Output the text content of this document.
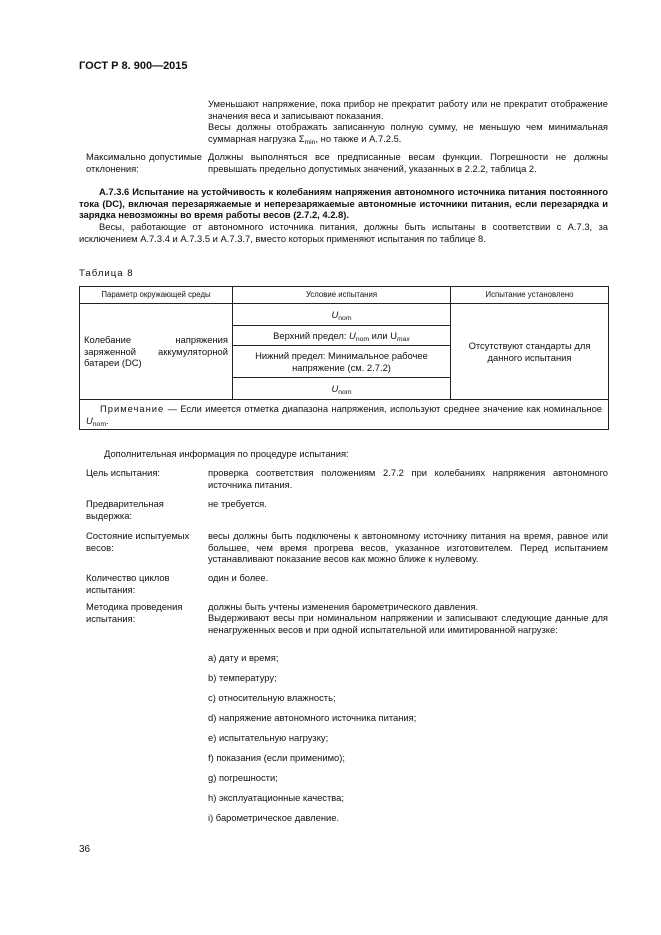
ГОСТ Р 8. 900—2015
Уменьшают напряжение, пока прибор не прекратит работу или не прекратит отображение значения веса и записывают показания.
Весы должны отображать записанную полную сумму, не меньшую чем минимальная суммарная нагрузка $\Sigma_{min}$, но также и А.7.2.5.
Максимально допустимые отклонения:
Должны выполняться все предписанные весам функции. Погрешности не должны превышать предельно допустимых значений, указанных в 2.2.2, таблица 2.
А.7.3.6 Испытание на устойчивость к колебаниям напряжения автономного источника питания постоянного тока (DC), включая перезаряжаемые и неперезаряжаемые автономные источники питания, если перезарядка и зарядка невозможны во время работы весов (2.7.2, 4.2.8).
Весы, работающие от автономного источника питания, должны быть испытаны в соответствии с А.7.3, за исключением А.7.3.4 и А.7.3.5 и А.7.3.7, вместо которых применяют испытания по таблице 8.
Таблица 8
Параметр окружающей среды	Условие испытания	Испытание установлено
Колебание напряжения заряженной аккумуляторной батареи (DC)	$U_{nom}$	Отсутствуют стандарты для данного испытания
	Верхний предел: $U_{nom}$ или $U_{max}$
	Нижний предел: Минимальное рабочее напряжение (см. 2.7.2)	
	$U_{nom}$
Примечание — Если имеется отметка диапазона напряжения, используют среднее значение как номинальное $U_{nom}$.		
Дополнительная информация по процедуре испытания:
Цель испытания:	проверка соответствия положениям 2.7.2 при колебаниях напряжения автономного источника питания.
Предварительная выдержка:
не требуется.
Состояние испытуемых весов:
весы должны быть подключены к автономному источнику питания на время, равное или большее, чем время прогрева весов, указанное изготовителем. Перед испытанием устанавливают показание весов как можно ближе к нулевому.
Количество циклов испытания:
один и более.
Методика проведения испытания:
должны быть учтены изменения барометрического давления.
Выдерживают весы при номинальном напряжении и записывают следующие данные для ненагруженных весов и при одной испытательной или имитированной нагрузке:
а) дату и время;
b) температуру;
с) относительную влажность;
d) напряжение автономного источника питания;
е) испытательную нагрузку;
f) показания (если применимо);
g) погрешности;
h) эксплуатационные качества;
i) барометрическое давление.
36
